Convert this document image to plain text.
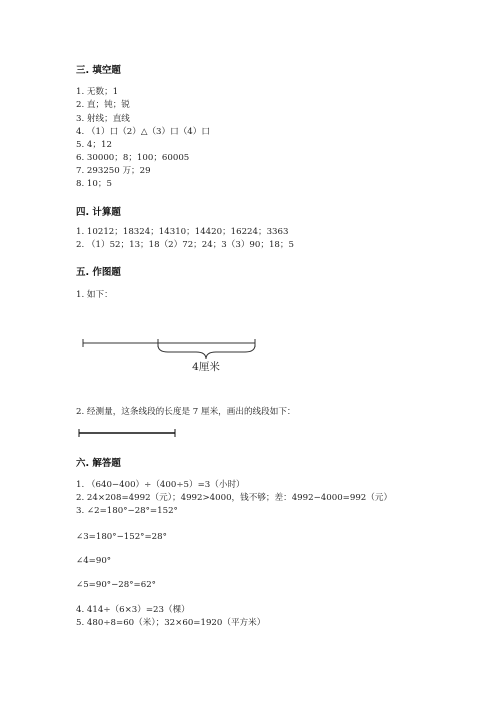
三. 填空题
1. 无数；1
2. 直；钝；锐
3. 射线；直线
4. （1）口（2）△（3）口（4）口
5. 4；12
6. 30000；8；100；60005
7. 293250 万；29
8. 10；5
四. 计算题
1. 10212；18324；14310；14420；16224；3363
2. （1）52；13；18（2）72；24；3（3）90；18；5
五. 作图题
1. 如下：
4厘米
2. 经测量，这条线段的长度是 7 厘米，画出的线段如下：
六. 解答题
1. （640−400）÷（400÷5）=3（小时）
2. 24×208=4992（元）；4992>4000，钱不够；差：4992−4000=992（元）
3. ∠2=180°−28°=152°
∠3=180°−152°=28°
∠4=90°
∠5=90°−28°=62°
4. 414÷（6×3）=23（棵）
5. 480÷8=60（米）；32×60=1920（平方米）
